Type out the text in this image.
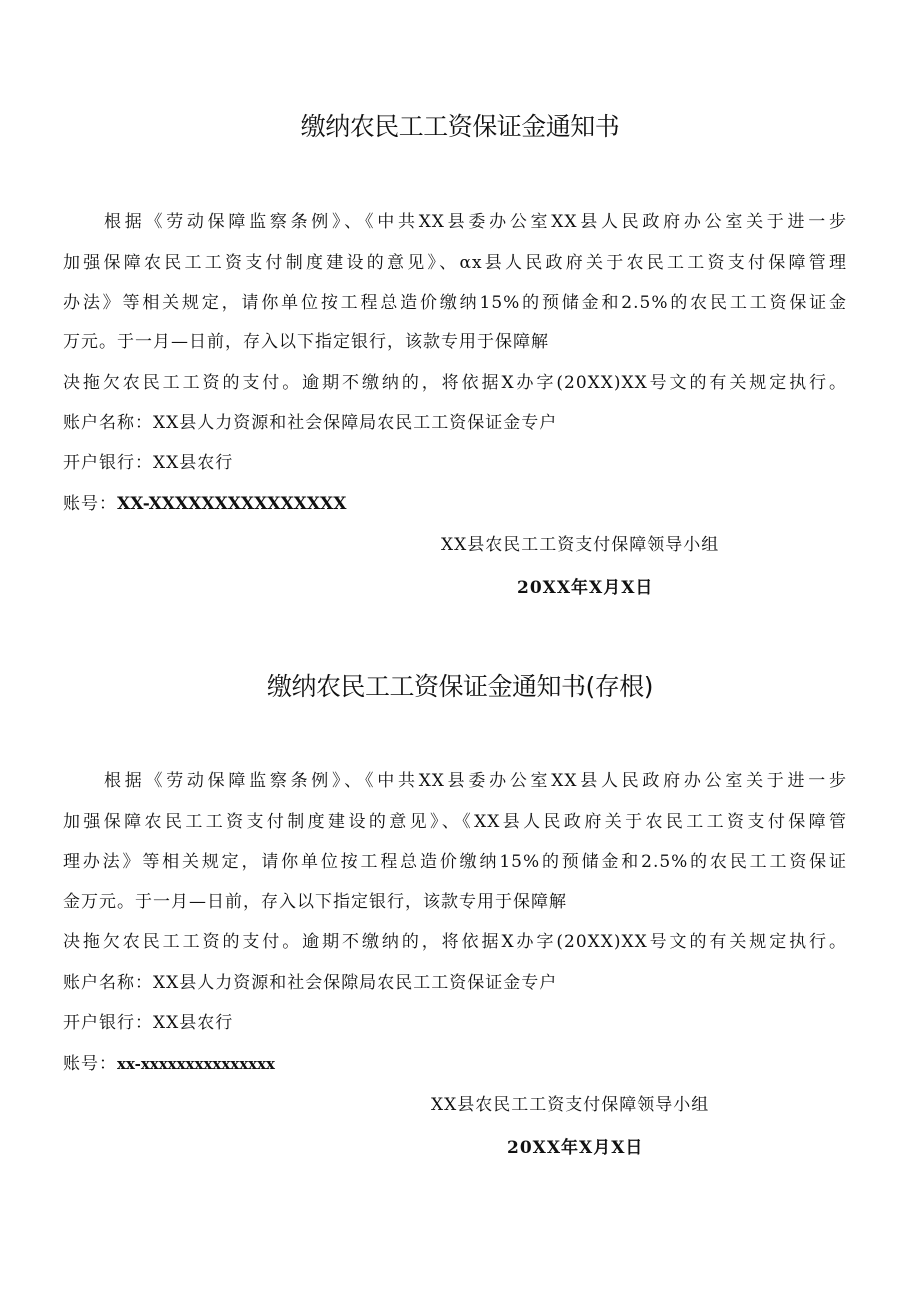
缴纳农民工工资保证金通知书
根据《劳动保障监察条例》、《中共XX县委办公室XX县人民政府办公室关于进一步
加强保障农民工工资支付制度建设的意见》、αx县人民政府关于农民工工资支付保障管理
办法》等相关规定，请你单位按工程总造价缴纳15%的预储金和2.5%的农民工工资保证金
万元。于一月—日前，存入以下指定银行，该款专用于保障解
决拖欠农民工工资的支付。逾期不缴纳的，将依据X办字(20XX)XX号文的有关规定执行。
账户名称：XX县人力资源和社会保障局农民工工资保证金专户
开户银行：XX县农行
账号：XX-XXXXXXXXXXXXXXX
XX县农民工工资支付保障领导小组
20XX年X月X日
缴纳农民工工资保证金通知书(存根)
根据《劳动保障监察条例》、《中共XX县委办公室XX县人民政府办公室关于进一步
加强保障农民工工资支付制度建设的意见》、《XX县人民政府关于农民工工资支付保障管
理办法》等相关规定，请你单位按工程总造价缴纳15%的预储金和2.5%的农民工工资保证
金万元。于一月—日前，存入以下指定银行，该款专用于保障解
决拖欠农民工工资的支付。逾期不缴纳的，将依据X办字(20XX)XX号文的有关规定执行。
账户名称：XX县人力资源和社会保隙局农民工工资保证金专户
开户银行：XX县农行
账号：xx-xxxxxxxxxxxxxxx
XX县农民工工资支付保障领导小组
20XX年X月X日
